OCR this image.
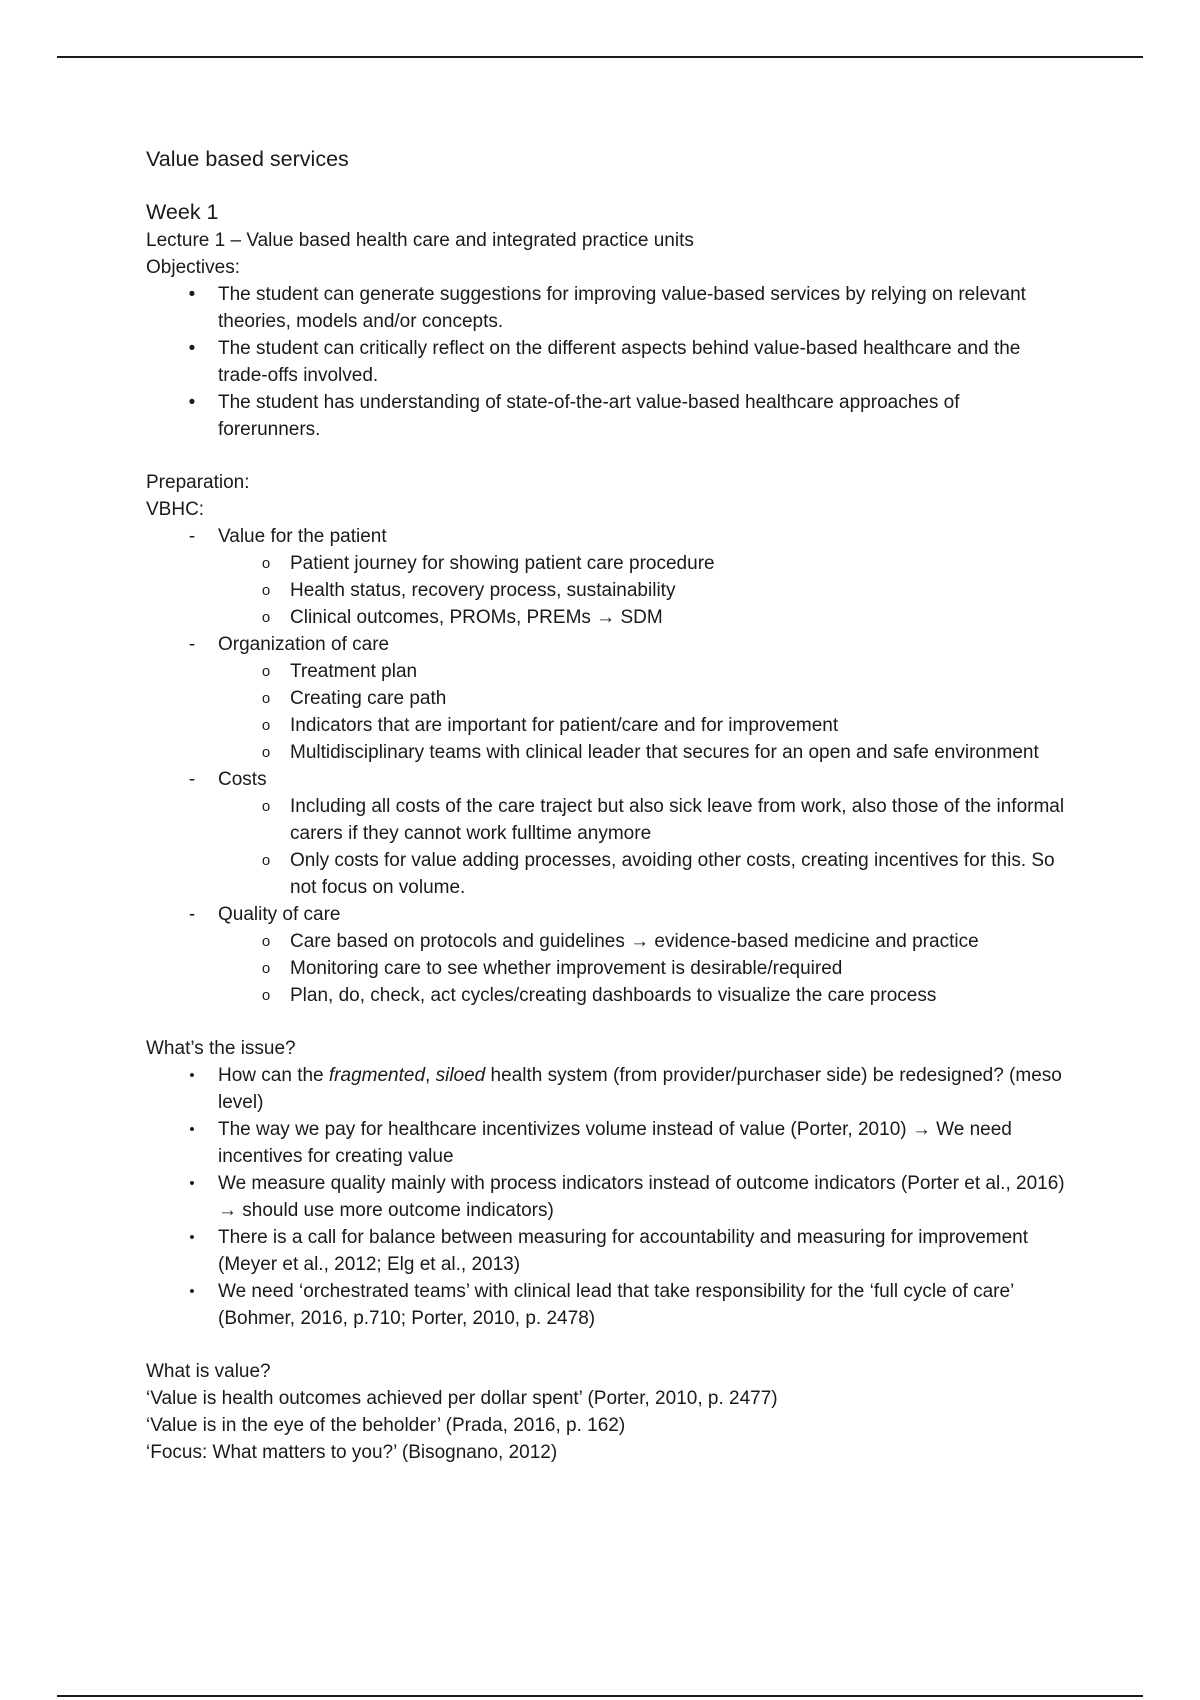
Value based services
Week 1
Lecture 1 – Value based health care and integrated practice units
Objectives:
•	The student can generate suggestions for improving value-based services by relying on relevant theories, models and/or concepts.
•	The student can critically reflect on the different aspects behind value-based healthcare and the trade-offs involved.
•	The student has understanding of state-of-the-art value-based healthcare approaches of forerunners.
Preparation:
VBHC:
-	Value for the patient
o Patient journey for showing patient care procedure
o Health status, recovery process, sustainability
o Clinical outcomes, PROMs, PREMs → SDM
-	Organization of care
o Treatment plan
o Creating care path
o Indicators that are important for patient/care and for improvement
o Multidisciplinary teams with clinical leader that secures for an open and safe environment
-	Costs
o Including all costs of the care traject but also sick leave from work, also those of the informal carers if they cannot work fulltime anymore
o Only costs for value adding processes, avoiding other costs, creating incentives for this. So not focus on volume.
-	Quality of care
o Care based on protocols and guidelines → evidence-based medicine and practice
o Monitoring care to see whether improvement is desirable/required
o Plan, do, check, act cycles/creating dashboards to visualize the care process
What’s the issue?
•	How can the fragmented, siloed health system (from provider/purchaser side) be redesigned? (meso level)
•	The way we pay for healthcare incentivizes volume instead of value (Porter, 2010) → We need incentives for creating value
•	We measure quality mainly with process indicators instead of outcome indicators (Porter et al., 2016) → should use more outcome indicators)
•	There is a call for balance between measuring for accountability and measuring for improvement (Meyer et al., 2012; Elg et al., 2013)
•	We need ‘orchestrated teams’ with clinical lead that take responsibility for the ‘full cycle of care’ (Bohmer, 2016, p.710; Porter, 2010, p. 2478)
What is value?
‘Value is health outcomes achieved per dollar spent’ (Porter, 2010, p. 2477)
‘Value is in the eye of the beholder’ (Prada, 2016, p. 162)
‘Focus: What matters to you?’ (Bisognano, 2012)
